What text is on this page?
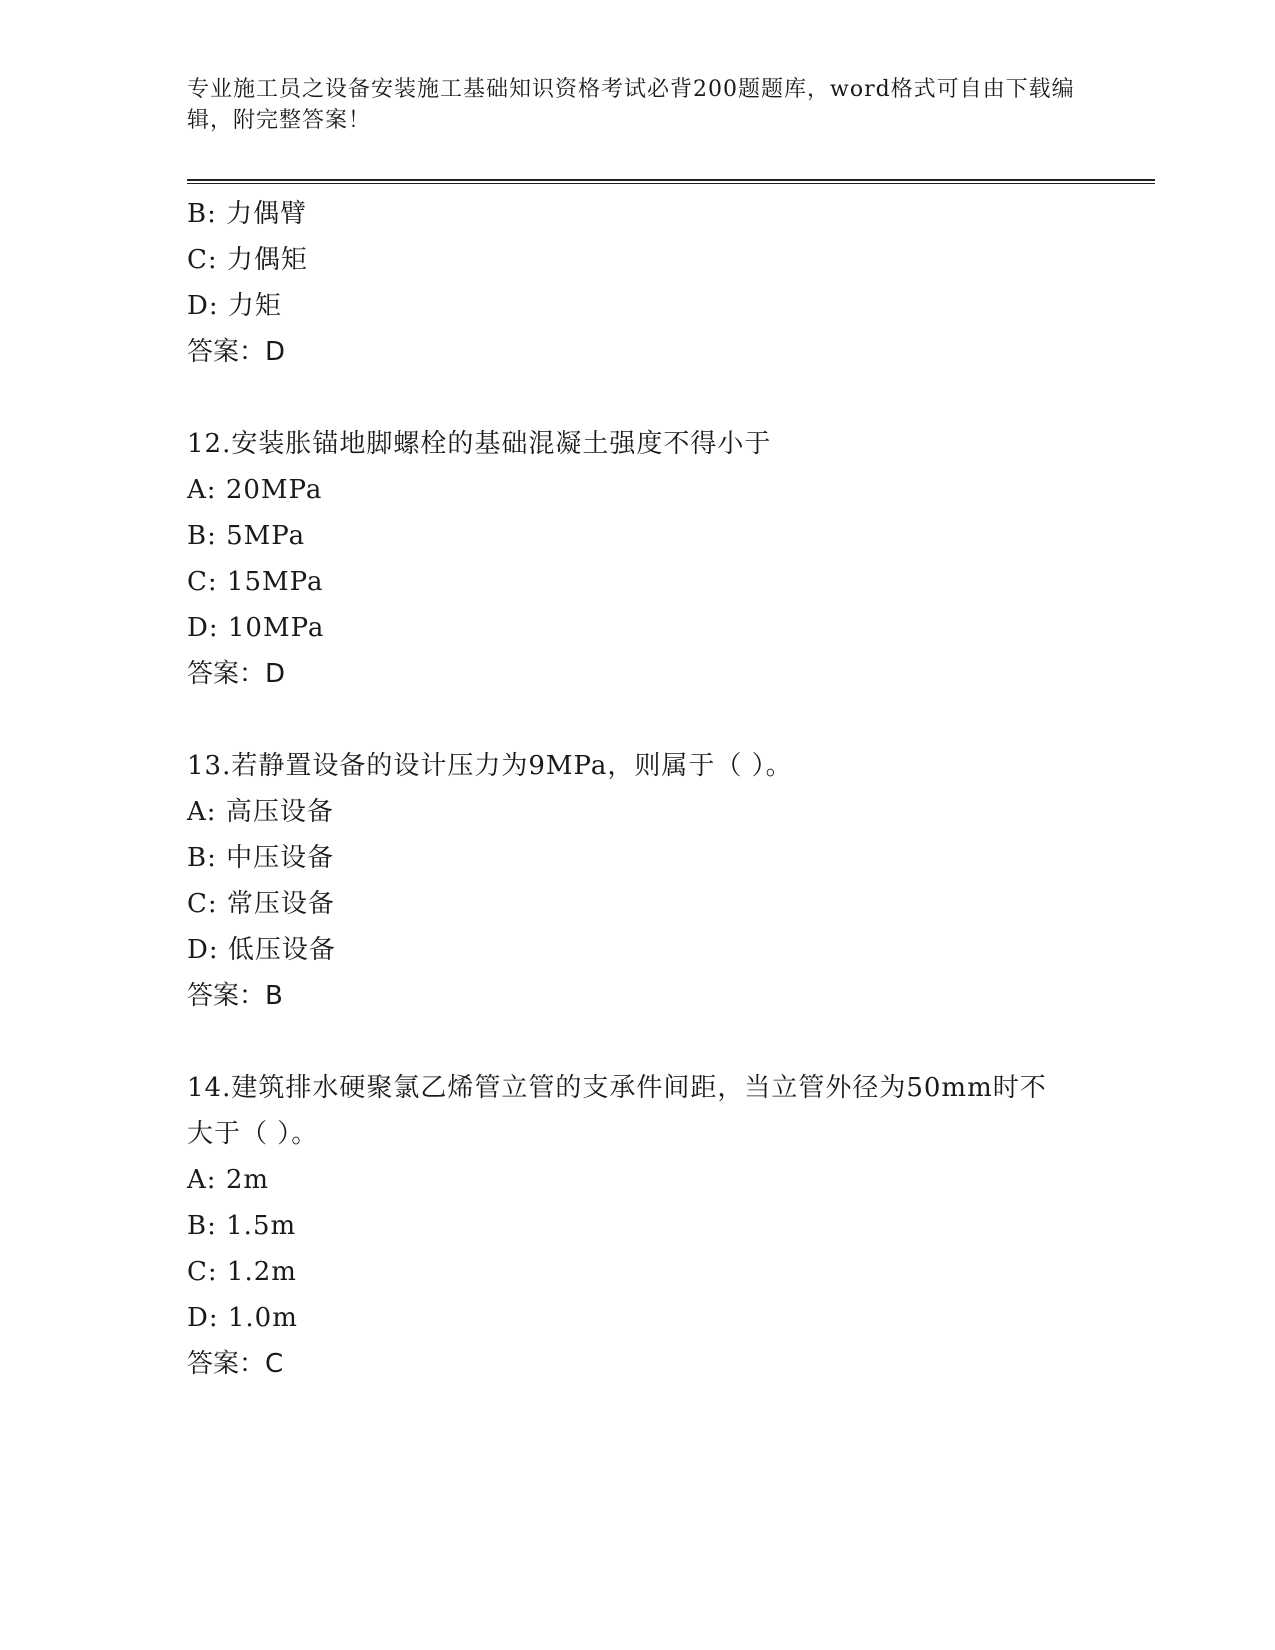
专业施工员之设备安装施工基础知识资格考试必背200题题库，word格式可自由下载编辑，附完整答案！
B: 力偶臂
C: 力偶矩
D: 力矩
答案：D
12.安装胀锚地脚螺栓的基础混凝土强度不得小于
A: 20MPa
B: 5MPa
C: 15MPa
D: 10MPa
答案：D
13.若静置设备的设计压力为9MPa，则属于（ ）。
A: 高压设备
B: 中压设备
C: 常压设备
D: 低压设备
答案：B
14.建筑排水硬聚氯乙烯管立管的支承件间距，当立管外径为50mm时不大于（ ）。
A: 2m
B: 1.5m
C: 1.2m
D: 1.0m
答案：C
